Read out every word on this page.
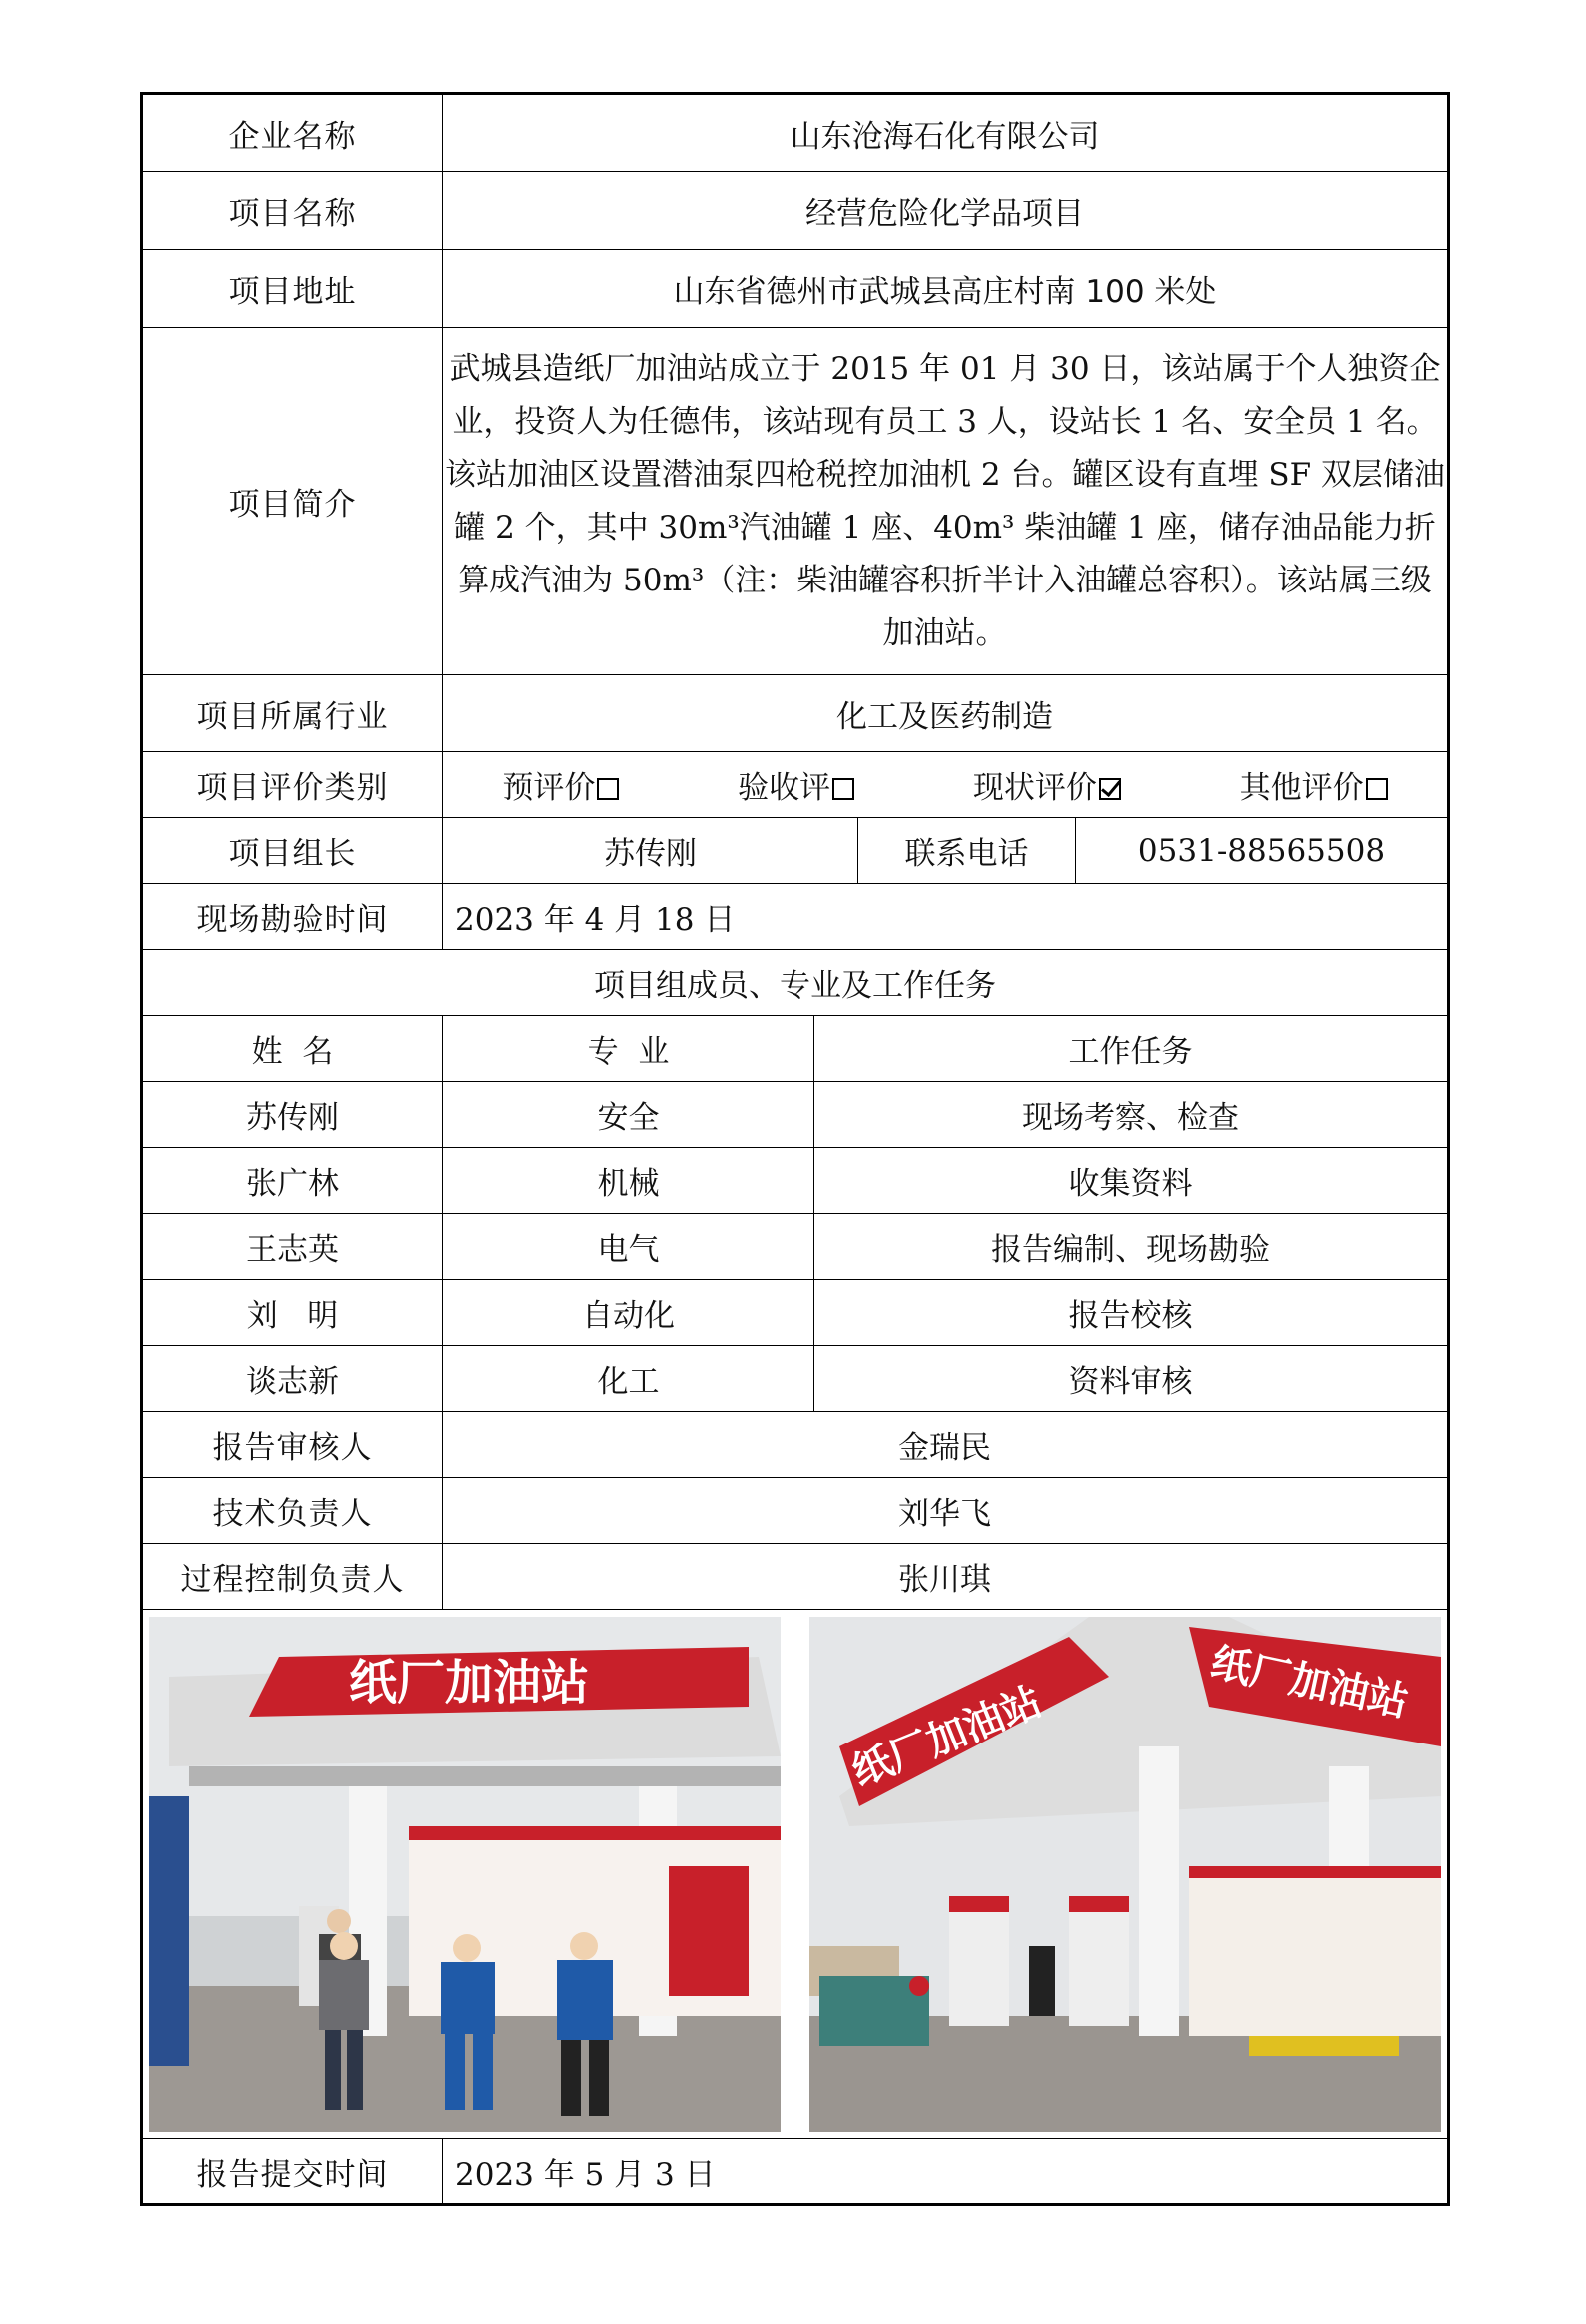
企业名称	山东沧海石化有限公司			
项目名称	经营危险化学品项目			
项目地址	山东省德州市武城县高庄村南 100 米处			
项目简介	武城县造纸厂加油站成立于 2015 年 01 月 30 日，该站属于个人独资企业，投资人为任德伟，该站现有员工 3 人，设站长 1 名、安全员 1 名。该站加油区设置潜油泵四枪税控加油机 2 台。罐区设有直埋 SF 双层储油罐 2 个，其中 30m³汽油罐 1 座、40m³ 柴油罐 1 座，储存油品能力折算成汽油为 50m³（注：柴油罐容积折半计入油罐总容积）。该站属三级加油站。			
项目所属行业	化工及医药制造			
项目评价类别	预评价 验收评 现状评价 其他评价			

项目组长	苏传刚		联系电话	0531-88565508
现场勘验时间	2023 年 4 月 18 日			
项目组成员、专业及工作任务				
姓  名	专  业	工作任务		
苏传刚	安全	现场考察、检查		
张广林	机械	收集资料		
王志英	电气	报告编制、现场勘验		
刘   明	自动化	报告校核		
谈志新	化工	资料审核		
报告审核人	金瑞民			
技术负责人	刘华飞			
过程控制负责人	张川琪			

纸厂加油站 纸厂加油站 纸厂加油站				

报告提交时间	2023 年 5 月 3 日			
